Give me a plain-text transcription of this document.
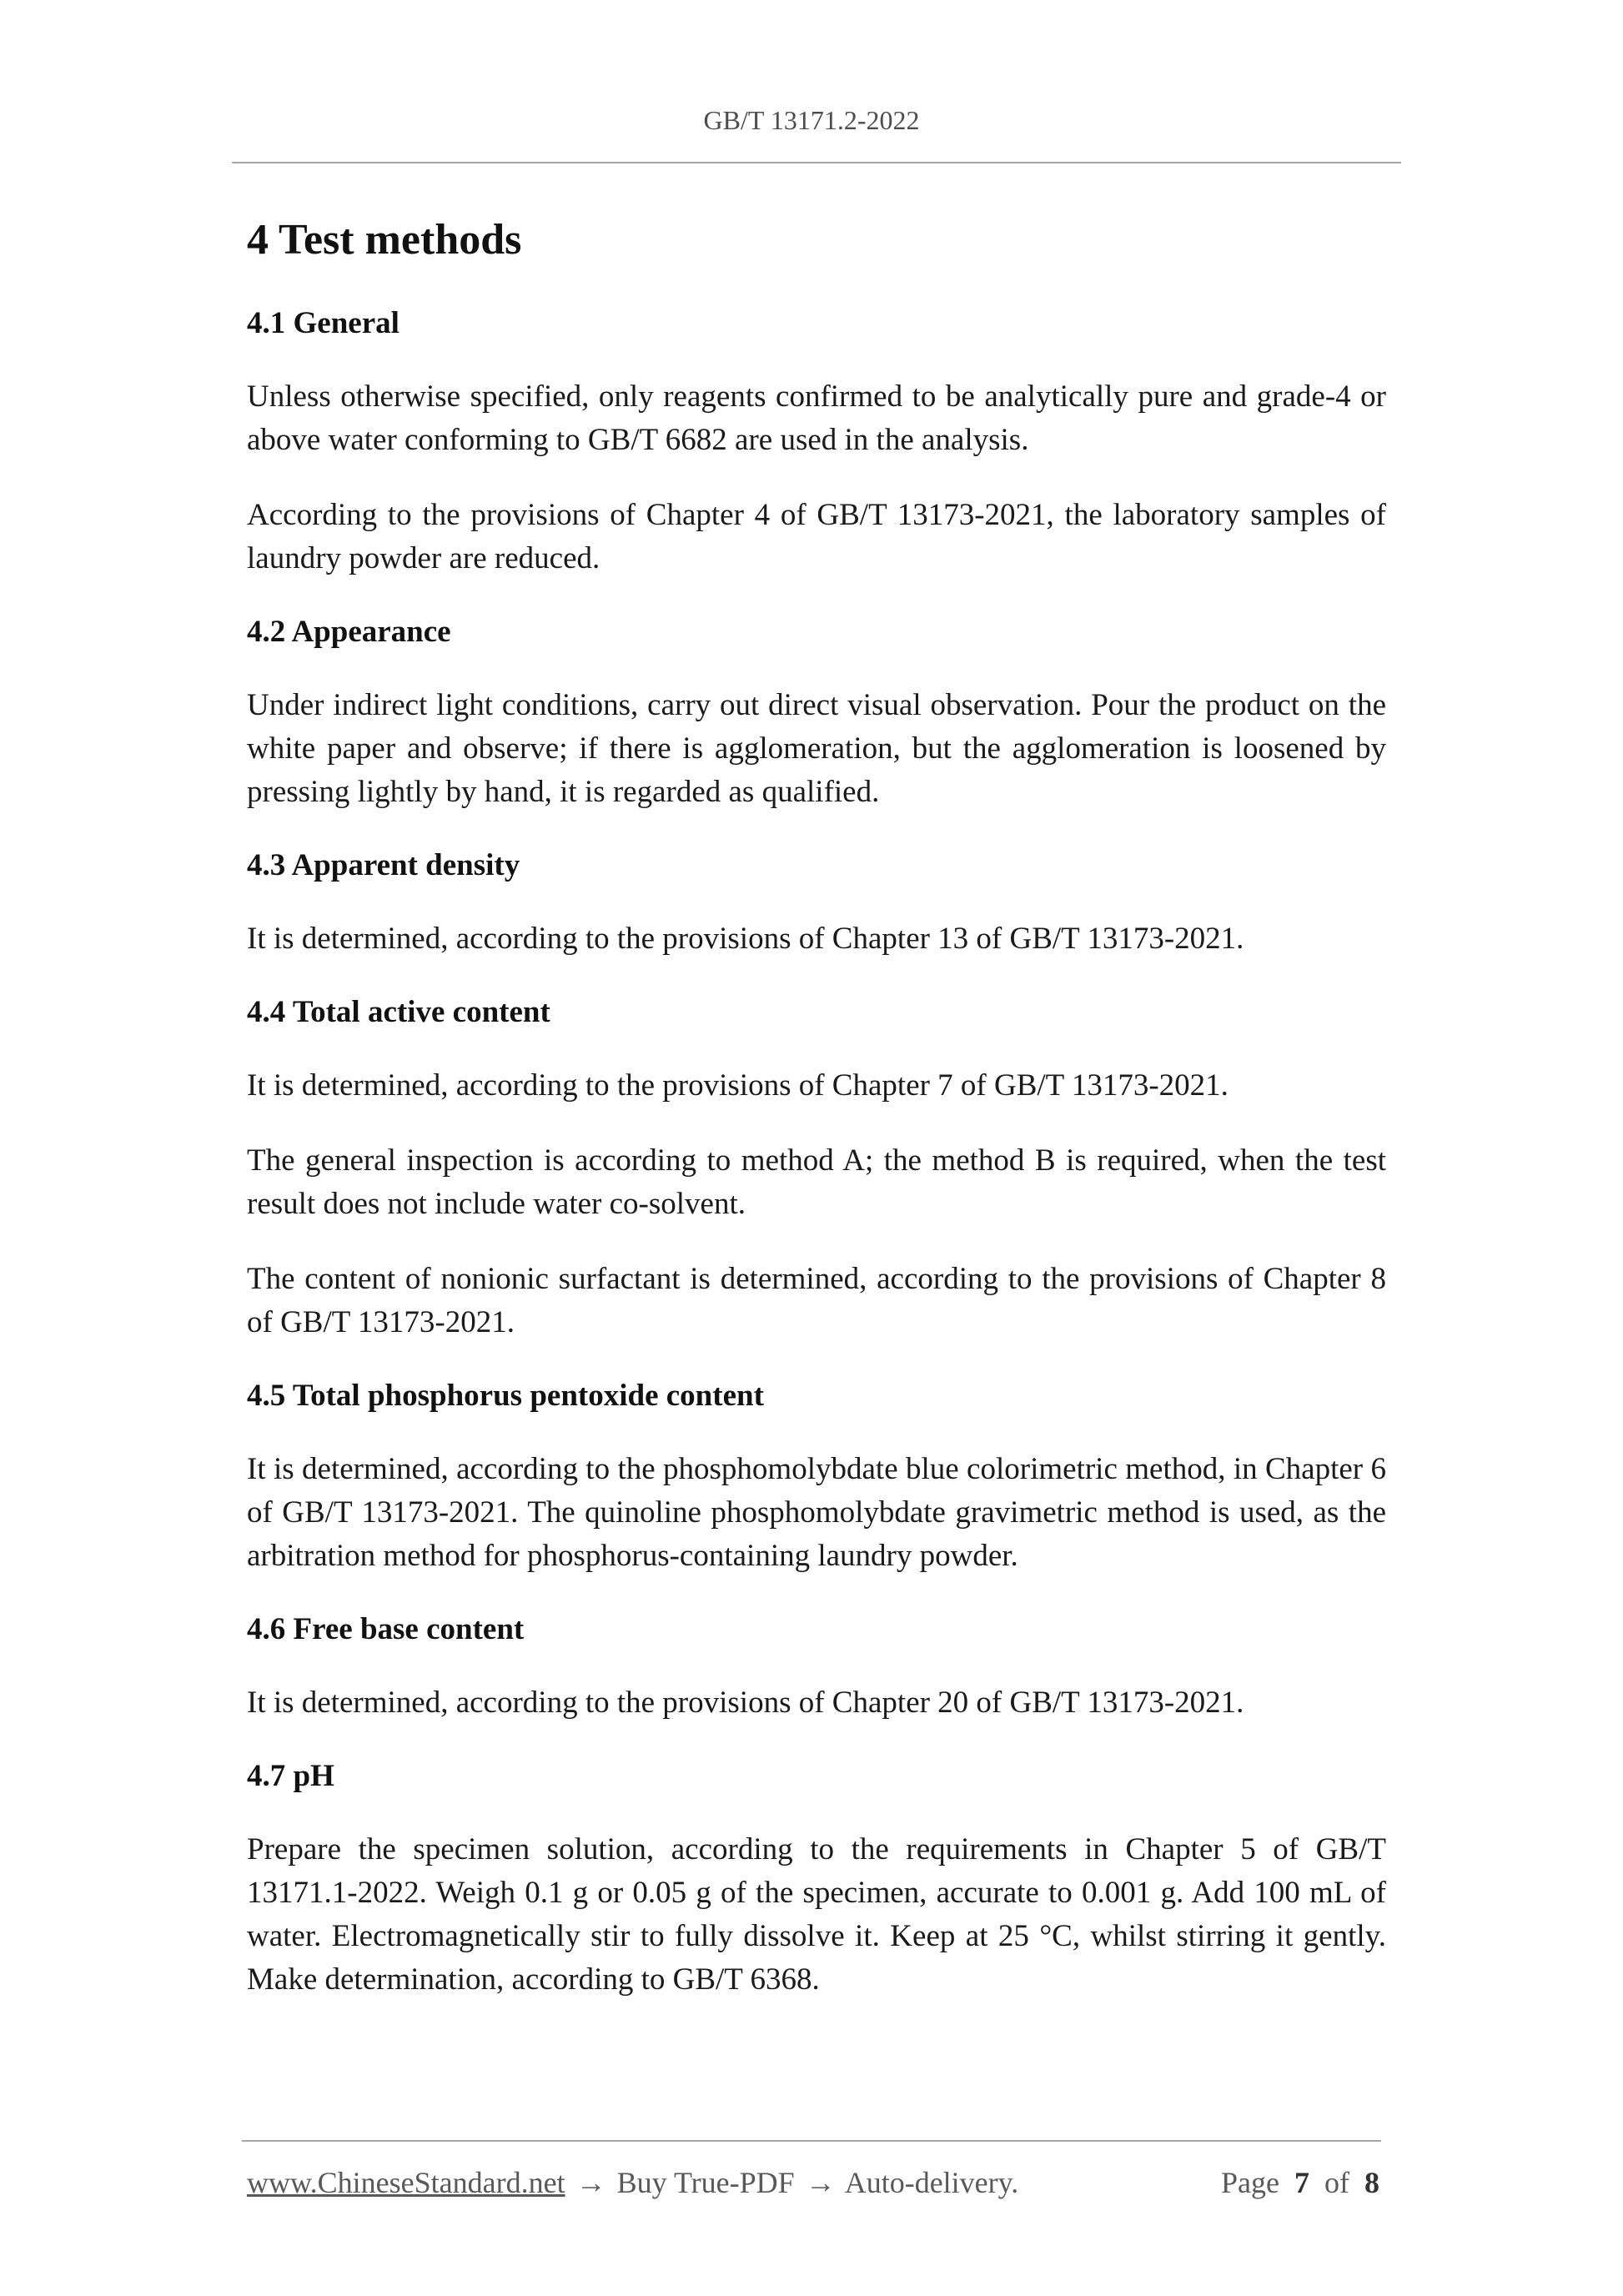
GB/T 13171.2-2022
4 Test methods
4.1 General

Unless otherwise specified, only reagents confirmed to be analytically pure and grade-4 or above water conforming to GB/T 6682 are used in the analysis.

According to the provisions of Chapter 4 of GB/T 13173-2021, the laboratory samples of laundry powder are reduced.

4.2 Appearance

Under indirect light conditions, carry out direct visual observation. Pour the product on the white paper and observe; if there is agglomeration, but the agglomeration is loosened by pressing lightly by hand, it is regarded as qualified.

4.3 Apparent density

It is determined, according to the provisions of Chapter 13 of GB/T 13173-2021.

4.4 Total active content

It is determined, according to the provisions of Chapter 7 of GB/T 13173-2021.

The general inspection is according to method A; the method B is required, when the test result does not include water co-solvent.

The content of nonionic surfactant is determined, according to the provisions of Chapter 8 of GB/T 13173-2021.

4.5 Total phosphorus pentoxide content

It is determined, according to the phosphomolybdate blue colorimetric method, in Chapter 6 of GB/T 13173-2021. The quinoline phosphomolybdate gravimetric method is used, as the arbitration method for phosphorus-containing laundry powder.

4.6 Free base content

It is determined, according to the provisions of Chapter 20 of GB/T 13173-2021.

4.7 pH

Prepare the specimen solution, according to the requirements in Chapter 5 of GB/T 13171.1-2022. Weigh 0.1 g or 0.05 g of the specimen, accurate to 0.001 g. Add 100 mL of water. Electromagnetically stir to fully dissolve it. Keep at 25 °C, whilst stirring it gently. Make determination, according to GB/T 6368.

www.ChineseStandard.net → Buy True-PDF → Auto-delivery.	Page 7 of 8
